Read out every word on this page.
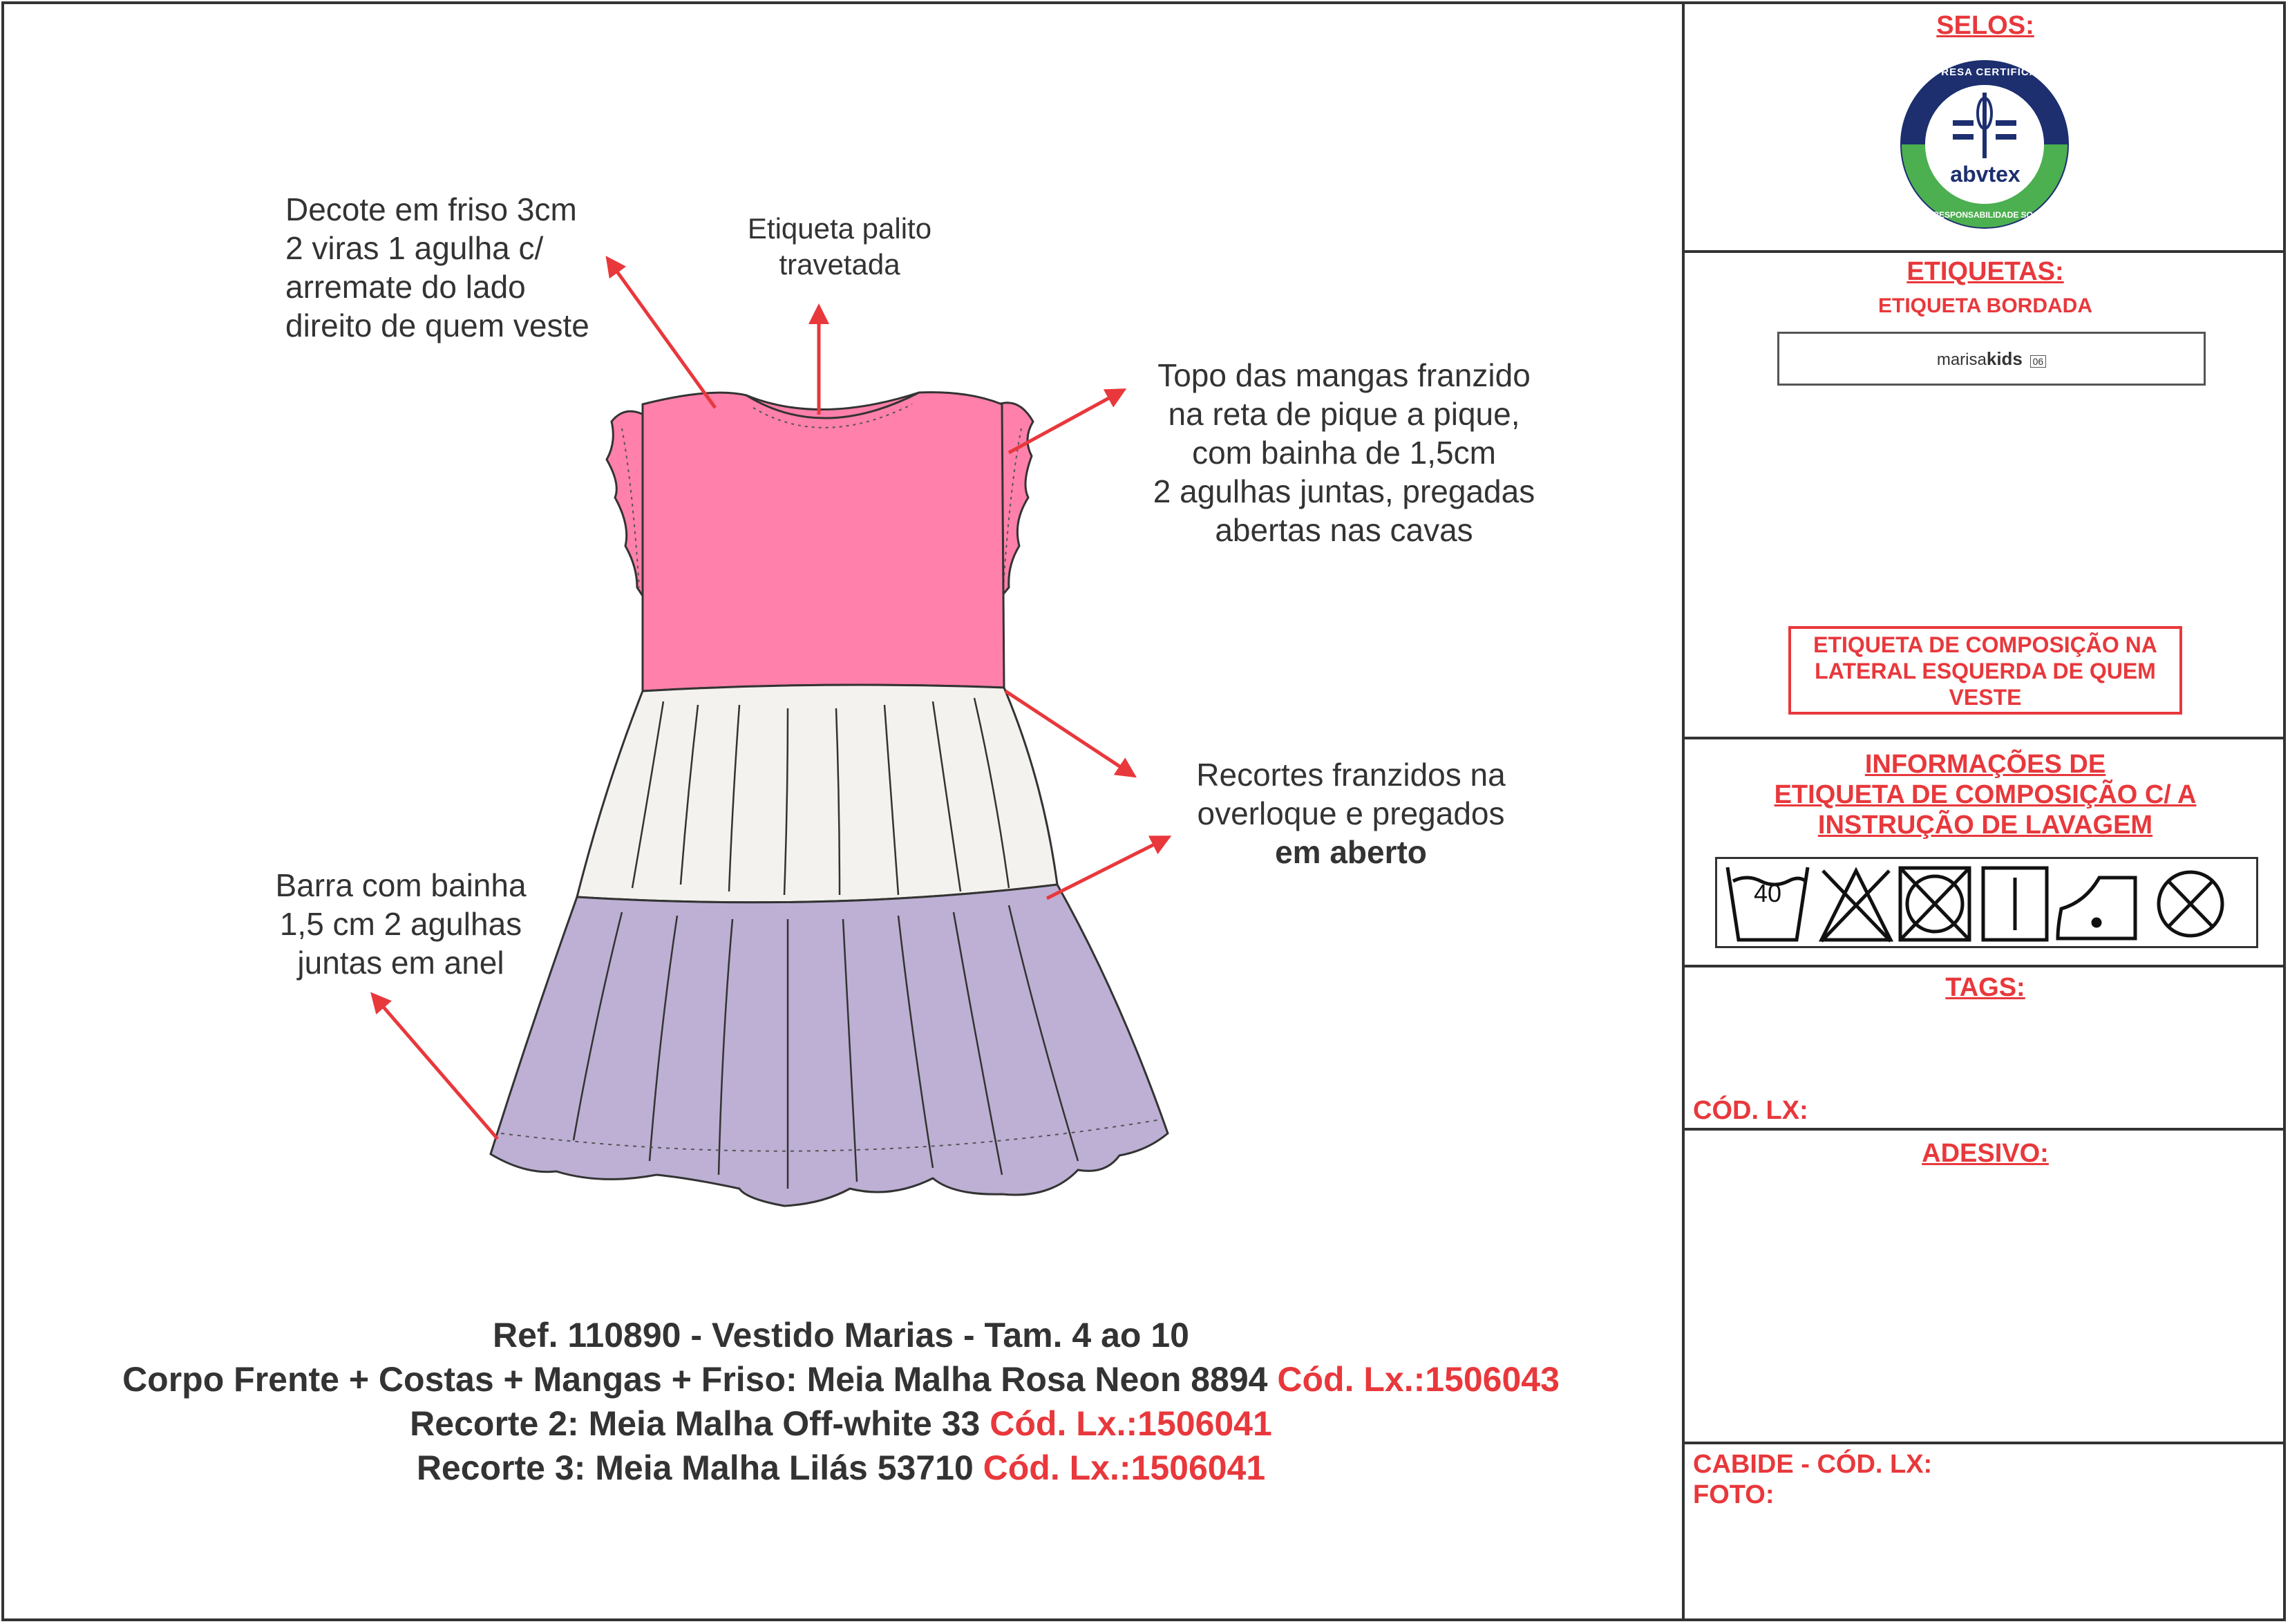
Decote em friso 3cm
2 viras 1 agulha c/
arremate do lado
direito de quem veste
Etiqueta palito
travetada
Topo das mangas franzido
na reta de pique a pique,
com bainha de 1,5cm
2 agulhas juntas, pregadas
abertas nas cavas
Recortes franzidos na
overloque e pregados
em aberto
Barra com bainha
1,5 cm 2 agulhas
juntas em anel
Ref. 110890 - Vestido Marias - Tam. 4 ao 10
Corpo Frente + Costas + Mangas + Friso: Meia Malha Rosa Neon 8894 Cód. Lx.:1506043
Recorte 2: Meia Malha Off-white 33 Cód. Lx.:1506041
Recorte 3: Meia Malha Lilás 53710 Cód. Lx.:1506041
SELOS:
abvtex
EMPRESA CERTIFICADA
EM RESPONSABILIDADE SOCIAL
ETIQUETAS:
ETIQUETA BORDADA
marisakids 06
ETIQUETA DE COMPOSIÇÃO NA
LATERAL ESQUERDA DE QUEM
VESTE
INFORMAÇÕES DE
ETIQUETA DE COMPOSIÇÃO C/ A
INSTRUÇÃO DE LAVAGEM
40
TAGS:
CÓD. LX:
ADESIVO:
CABIDE - CÓD. LX:
FOTO:
